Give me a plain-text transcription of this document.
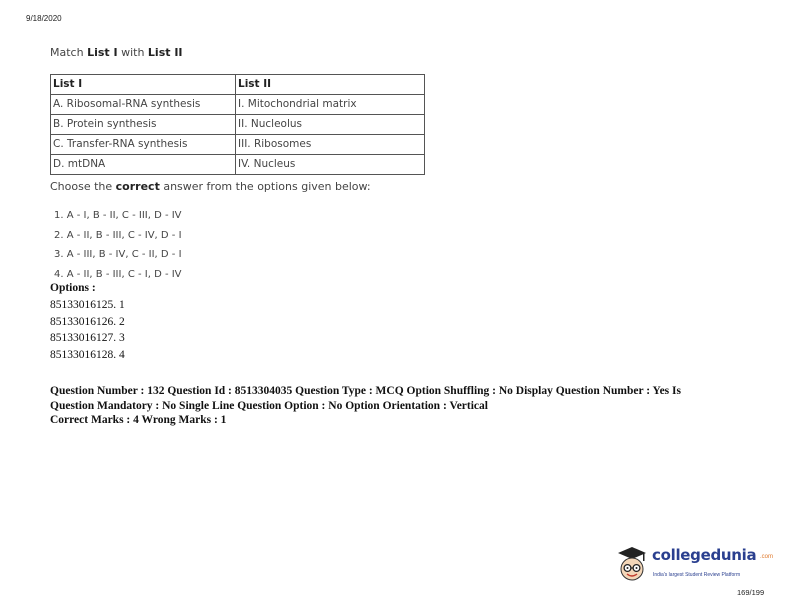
9/18/2020
Match List I with List II
List I	List II
A. Ribosomal-RNA synthesis	I. Mitochondrial matrix
B. Protein synthesis	II. Nucleolus
C. Transfer-RNA synthesis	III. Ribosomes
D. mtDNA	IV. Nucleus
Choose the correct answer from the options given below:
1. A - I, B - II, C - III, D - IV
2. A - II, B - III, C - IV, D - I
3. A - III, B - IV, C - II, D - I
4. A - II, B - III, C - I, D - IV
Options :
85133016125. 1
85133016126. 2
85133016127. 3
85133016128. 4
Question Number : 132 Question Id : 8513304035 Question Type : MCQ Option Shuffling : No Display Question Number : Yes Is
Question Mandatory : No Single Line Question Option : No Option Orientation : Vertical
Correct Marks : 4 Wrong Marks : 1
collegedunia .com
India's largest Student Review Platform
169/199
